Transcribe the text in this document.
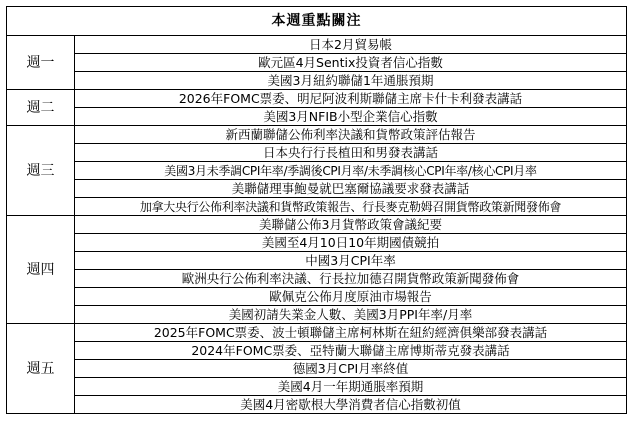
本週重點關注	
週一	日本2月貿易帳
	歐元區4月Sentix投資者信心指數
	美國3月紐約聯儲1年通脹預期
週二	2026年FOMC票委、明尼阿波利斯聯儲主席卡什卡利發表講話
	美國3月NFIB小型企業信心指數
週三	新西蘭聯儲公佈利率決議和貨幣政策評估報告
	日本央行行長植田和男發表講話
	美國3月未季調CPI年率/季調後CPI月率/未季調核心CPI年率/核心CPI月率
	美聯儲理事鮑曼就巴塞爾協議要求發表講話
	加拿大央行公佈利率決議和貨幣政策報告、行長麥克勒姆召開貨幣政策新聞發佈會
週四	美聯儲公佈3月貨幣政策會議紀要
	美國至4月10日10年期國債競拍
	中國3月CPI年率
	歐洲央行公佈利率決議、行長拉加德召開貨幣政策新聞發佈會
	歐佩克公佈月度原油市場報告
	美國初請失業金人數、美國3月PPI年率/月率
週五	2025年FOMC票委、波士頓聯儲主席柯林斯在紐約經濟俱樂部發表講話
	2024年FOMC票委、亞特蘭大聯儲主席博斯蒂克發表講話
	德國3月CPI月率終值
	美國4月一年期通脹率預期
	美國4月密歇根大學消費者信心指數初值
